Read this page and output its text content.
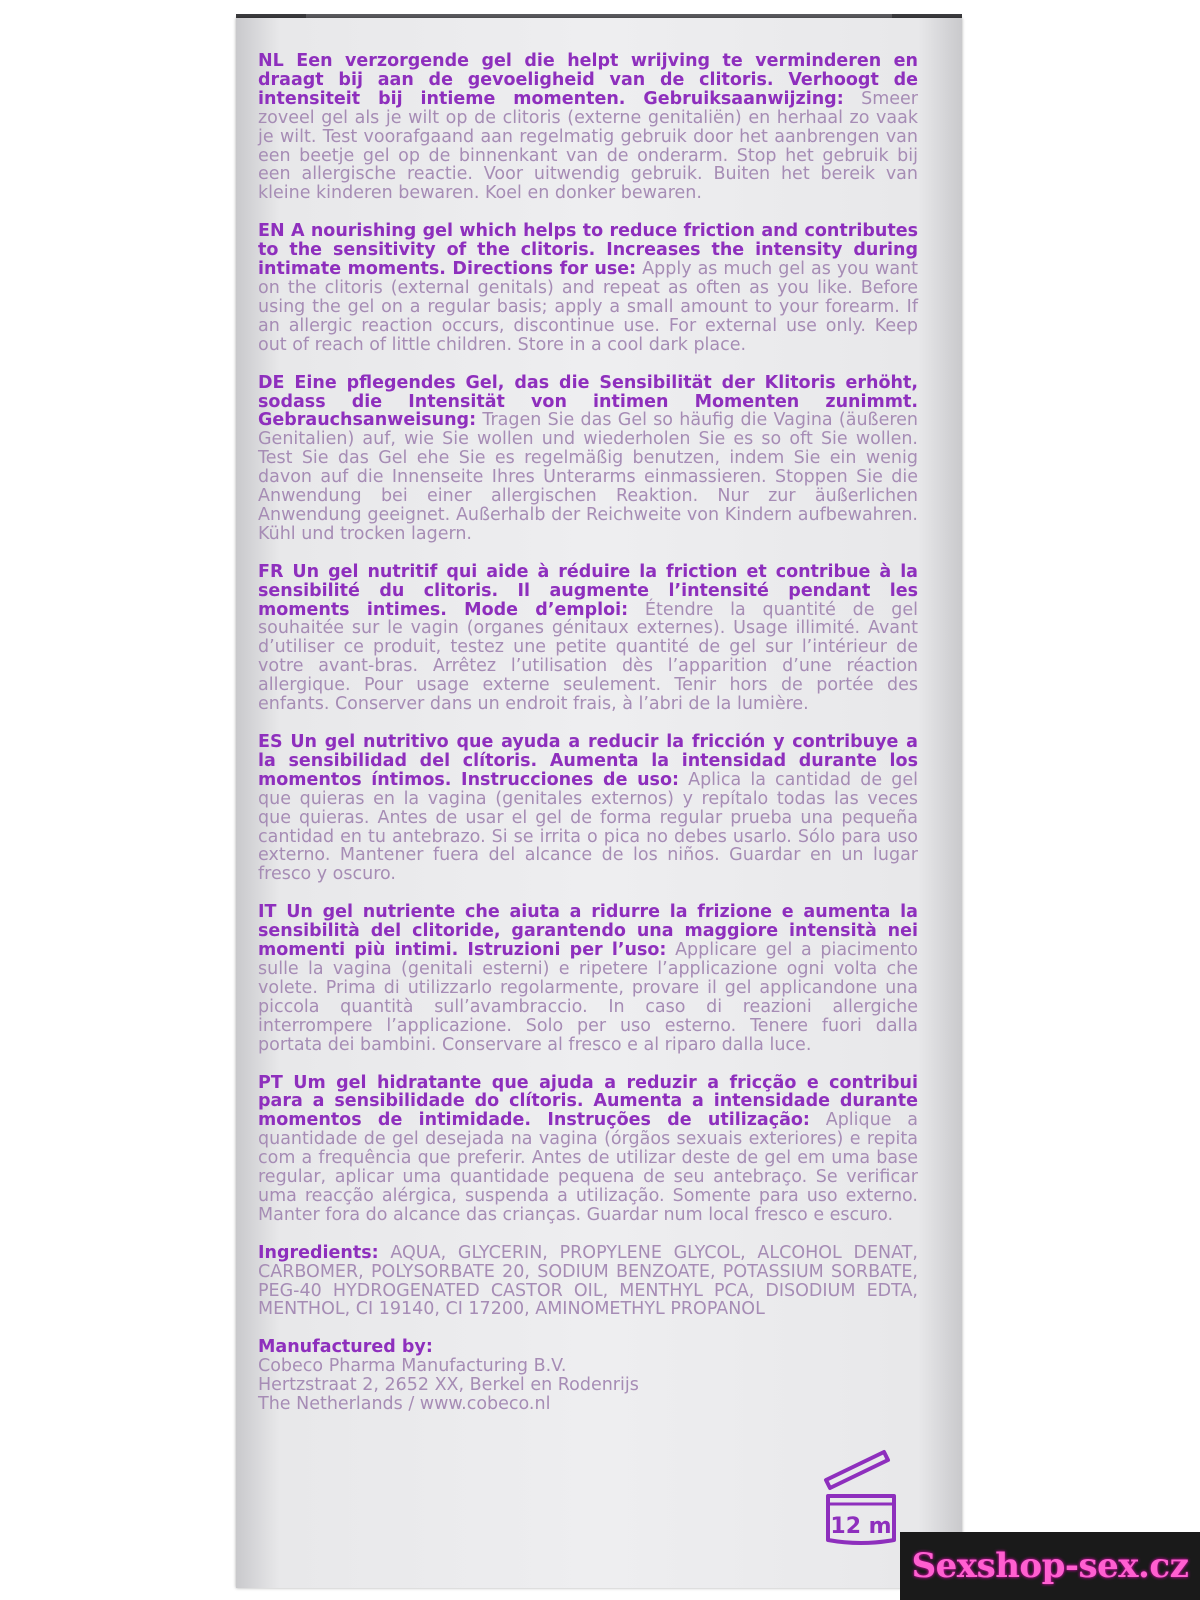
NL Een verzorgende gel die helpt wrijving te verminderen en draagt bij aan de gevoeligheid van de clitoris. Verhoogt de intensiteit bij intieme momenten. Gebruiksaanwijzing: Smeer zoveel gel als je wilt op de clitoris (externe genitaliën) en herhaal zo vaak je wilt. Test voorafgaand aan regelmatig gebruik door het aanbrengen van een beetje gel op de binnenkant van de onderarm. Stop het gebruik bij een allergische reactie. Voor uitwendig gebruik. Buiten het bereik van kleine kinderen bewaren. Koel en donker bewaren.

EN A nourishing gel which helps to reduce friction and contributes to the sensitivity of the clitoris. Increases the intensity during intimate moments. Directions for use: Apply as much gel as you want on the clitoris (external genitals) and repeat as often as you like. Before using the gel on a regular basis; apply a small amount to your forearm. If an allergic reaction occurs, discontinue use. For external use only. Keep out of reach of little children. Store in a cool dark place.

DE Eine pflegendes Gel, das die Sensibilität der Klitoris erhöht, sodass die Intensität von intimen Momenten zunimmt. Gebrauchsanweisung: Tragen Sie das Gel so häufig die Vagina (äußeren Genitalien) auf, wie Sie wollen und wiederholen Sie es so oft Sie wollen. Test Sie das Gel ehe Sie es regelmäßig benutzen, indem Sie ein wenig davon auf die Innenseite Ihres Unterarms einmassieren. Stoppen Sie die Anwendung bei einer allergischen Reaktion. Nur zur äußerlichen Anwendung geeignet. Außerhalb der Reichweite von Kindern aufbewahren. Kühl und trocken lagern.

FR Un gel nutritif qui aide à réduire la friction et contribue à la sensibilité du clitoris. Il augmente l’intensité pendant les moments intimes. Mode d’emploi: Étendre la quantité de gel souhaitée sur le vagin (organes génitaux externes). Usage illimité. Avant d’utiliser ce produit, testez une petite quantité de gel sur l’intérieur de votre avant-bras. Arrêtez l’utilisation dès l’apparition d’une réaction allergique. Pour usage externe seulement. Tenir hors de portée des enfants. Conserver dans un endroit frais, à l’abri de la lumière.

ES Un gel nutritivo que ayuda a reducir la fricción y contribuye a la sensibilidad del clítoris. Aumenta la intensidad durante los momentos íntimos. Instrucciones de uso: Aplica la cantidad de gel que quieras en la vagina (genitales externos) y repítalo todas las veces que quieras. Antes de usar el gel de forma regular prueba una pequeña cantidad en tu antebrazo. Si se irrita o pica no debes usarlo. Sólo para uso externo. Mantener fuera del alcance de los niños. Guardar en un lugar fresco y oscuro.

IT Un gel nutriente che aiuta a ridurre la frizione e aumenta la sensibilità del clitoride, garantendo una maggiore intensità nei momenti più intimi. Istruzioni per l’uso: Applicare gel a piacimento sulle la vagina (genitali esterni) e ripetere l’applicazione ogni volta che volete. Prima di utilizzarlo regolarmente, provare il gel applicandone una piccola quantità sull’avambraccio. In caso di reazioni allergiche interrompere l’applicazione. Solo per uso esterno. Tenere fuori dalla portata dei bambini. Conservare al fresco e al riparo dalla luce.

PT Um gel hidratante que ajuda a reduzir a fricção e contribui para a sensibilidade do clítoris. Aumenta a intensidade durante momentos de intimidade. Instruções de utilização: Aplique a quantidade de gel desejada na vagina (órgãos sexuais exteriores) e repita com a frequência que preferir. Antes de utilizar deste de gel em uma base regular, aplicar uma quantidade pequena de seu antebraço. Se verificar uma reacção alérgica, suspenda a utilização. Somente para uso externo. Manter fora do alcance das crianças. Guardar num local fresco e escuro.

Ingredients: AQUA, GLYCERIN, PROPYLENE GLYCOL, ALCOHOL DENAT, CARBOMER, POLYSORBATE 20, SODIUM BENZOATE, POTASSIUM SORBATE, PEG-40 HYDROGENATED CASTOR OIL, MENTHYL PCA, DISODIUM EDTA, MENTHOL, CI 19140, CI 17200, AMINOMETHYL PROPANOL

Manufactured by:
Cobeco Pharma Manufacturing B.V.
Hertzstraat 2, 2652 XX, Berkel en Rodenrijs
The Netherlands / www.cobeco.nl
12 m
Sexshop-sex.cz
